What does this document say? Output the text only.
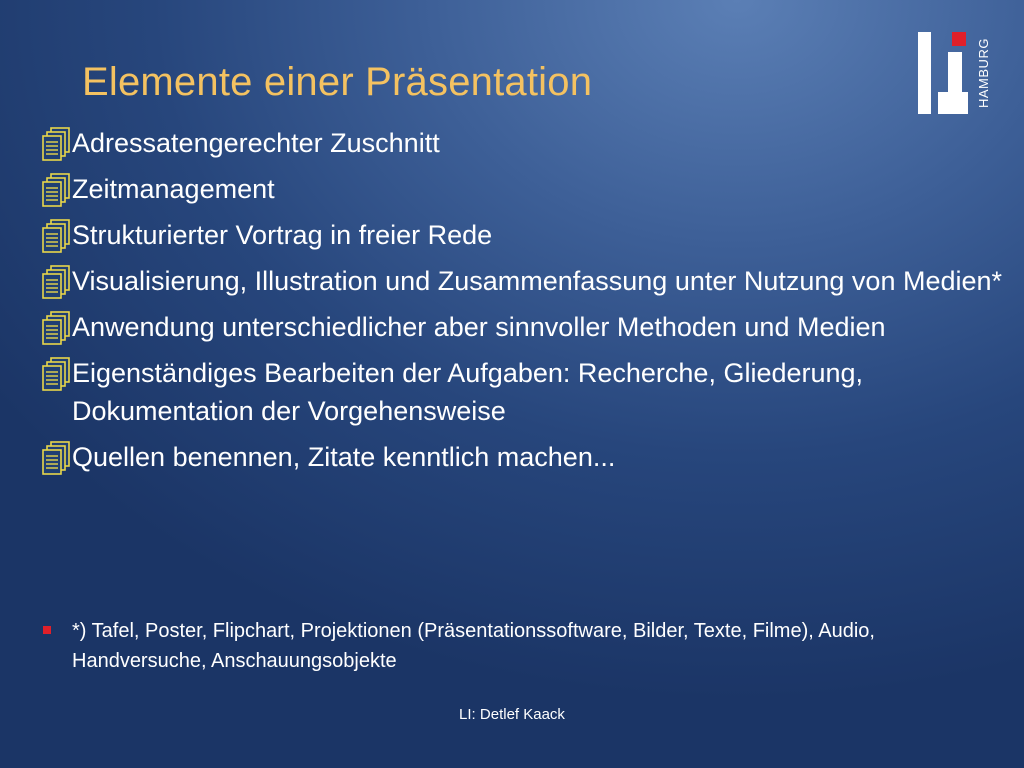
Elemente einer Präsentation	HAMBURG
Adressatengerechter Zuschnitt
Zeitmanagement
Strukturierter Vortrag in freier Rede
Visualisierung, Illustration und Zusammenfassung unter Nutzung von Medien*
Anwendung unterschiedlicher aber sinnvoller Methoden und Medien
Eigenständiges Bearbeiten der Aufgaben: Recherche, Gliederung, Dokumentation der Vorgehensweise
Quellen benennen, Zitate kenntlich machen...
*) Tafel, Poster, Flipchart, Projektionen (Präsentationssoftware, Bilder, Texte, Filme), Audio, Handversuche, Anschauungsobjekte
LI: Detlef Kaack
